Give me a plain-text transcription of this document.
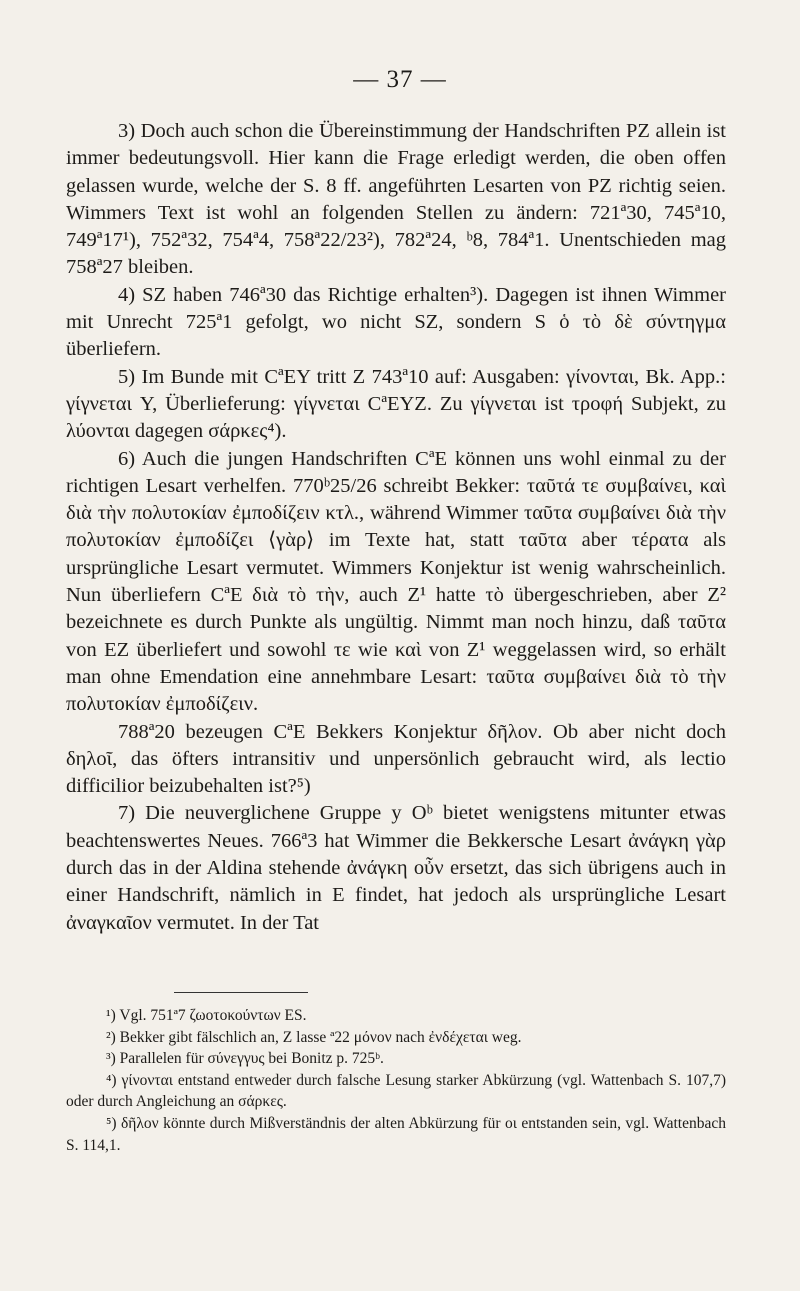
— 37 —

3) Doch auch schon die Übereinstimmung der Handschriften PZ allein ist immer bedeutungsvoll. Hier kann die Frage erledigt werden, die oben offen gelassen wurde, welche der S. 8 ff. angeführten Lesarten von PZ richtig seien. Wimmers Text ist wohl an folgenden Stellen zu ändern: 721ª30, 745ª10, 749ª17¹), 752ª32, 754ª4, 758ª22/23²), 782ª24, ᵇ8, 784ª1. Unentschieden mag 758ª27 bleiben.

4) SZ haben 746ª30 das Richtige erhalten³). Dagegen ist ihnen Wimmer mit Unrecht 725ª1 gefolgt, wo nicht SZ, sondern S ὁ τὸ δὲ σύντηγμα überliefern.

5) Im Bunde mit CªEY tritt Z 743ª10 auf: Ausgaben: γίνονται, Bk. App.: γίγνεται Y, Überlieferung: γίγνεται CªEYZ. Zu γίγνεται ist τροφή Subjekt, zu λύονται dagegen σάρκες⁴).

6) Auch die jungen Handschriften CªE können uns wohl einmal zu der richtigen Lesart verhelfen. 770ᵇ25/26 schreibt Bekker: ταῦτά τε συμβαίνει, καὶ διὰ τὴν πολυτοκίαν ἐμποδίζειν κτλ., während Wimmer ταῦτα συμβαίνει διὰ τὴν πολυτοκίαν ἐμποδίζει ⟨γὰρ⟩ im Texte hat, statt ταῦτα aber τέρατα als ursprüngliche Lesart vermutet. Wimmers Konjektur ist wenig wahrscheinlich. Nun überliefern CªE διὰ τὸ τὴν, auch Z¹ hatte τὸ übergeschrieben, aber Z² bezeichnete es durch Punkte als ungültig. Nimmt man noch hinzu, daß ταῦτα von EZ überliefert und sowohl τε wie καὶ von Z¹ weggelassen wird, so erhält man ohne Emendation eine annehmbare Lesart: ταῦτα συμβαίνει διὰ τὸ τὴν πολυτοκίαν ἐμποδίζειν.

788ª20 bezeugen CªE Bekkers Konjektur δῆλον. Ob aber nicht doch δηλοῖ, das öfters intransitiv und unpersönlich gebraucht wird, als lectio difficilior beizubehalten ist?⁵)

7) Die neuverglichene Gruppe y Oᵇ bietet wenigstens mitunter etwas beachtenswertes Neues. 766ª3 hat Wimmer die Bekkersche Lesart ἀνάγκη γὰρ durch das in der Aldina stehende ἀνάγκη οὖν ersetzt, das sich übrigens auch in einer Handschrift, nämlich in E findet, hat jedoch als ursprüngliche Lesart ἀναγκαῖον vermutet. In der Tat

¹) Vgl. 751ª7 ζωοτοκούντων ES.

²) Bekker gibt fälschlich an, Z lasse ª22 μόνον nach ἐνδέχεται weg.

³) Parallelen für σύνεγγυς bei Bonitz p. 725ᵇ.

⁴) γίνονται entstand entweder durch falsche Lesung starker Abkürzung (vgl. Wattenbach S. 107,7) oder durch Angleichung an σάρκες.

⁵) δῆλον könnte durch Mißverständnis der alten Abkürzung für οι entstanden sein, vgl. Wattenbach S. 114,1.
